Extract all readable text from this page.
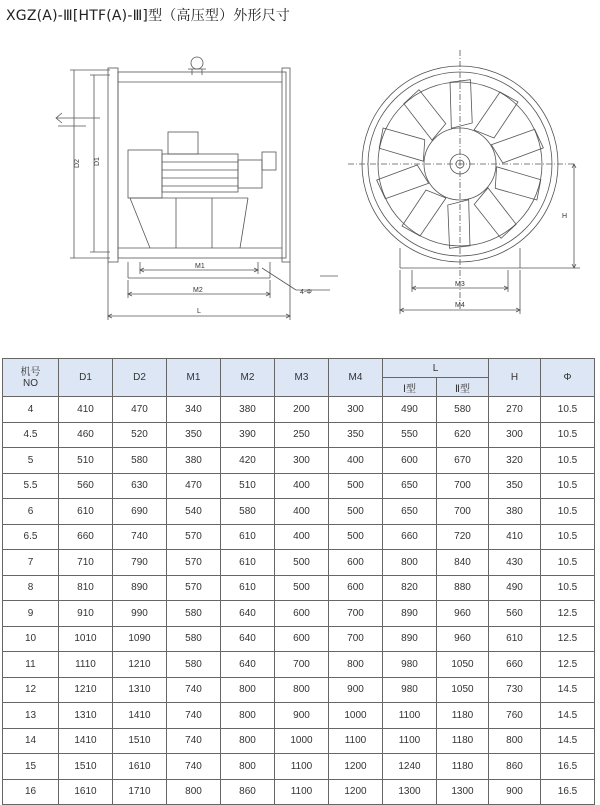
XGZ(A)-Ⅲ[HTF(A)-Ⅲ]型（高压型）外形尺寸
D2 D1
M1
M2
L
4-Φ
M3
M4
H
机号
NO	D1	D2	M1	M2	M3	M4	L		H	Φ
							Ⅰ型	Ⅱ型		
4	410	470	340	380	200	300	490	580	270	10.5
4.5	460	520	350	390	250	350	550	620	300	10.5
5	510	580	380	420	300	400	600	670	320	10.5
5.5	560	630	470	510	400	500	650	700	350	10.5
6	610	690	540	580	400	500	650	700	380	10.5
6.5	660	740	570	610	400	500	660	720	410	10.5
7	710	790	570	610	500	600	800	840	430	10.5
8	810	890	570	610	500	600	820	880	490	10.5
9	910	990	580	640	600	700	890	960	560	12.5
10	1010	1090	580	640	600	700	890	960	610	12.5
11	1110	1210	580	640	700	800	980	1050	660	12.5
12	1210	1310	740	800	800	900	980	1050	730	14.5
13	1310	1410	740	800	900	1000	1100	1180	760	14.5
14	1410	1510	740	800	1000	1100	1100	1180	800	14.5
15	1510	1610	740	800	1100	1200	1240	1180	860	16.5
16	1610	1710	800	860	1100	1200	1300	1300	900	16.5
